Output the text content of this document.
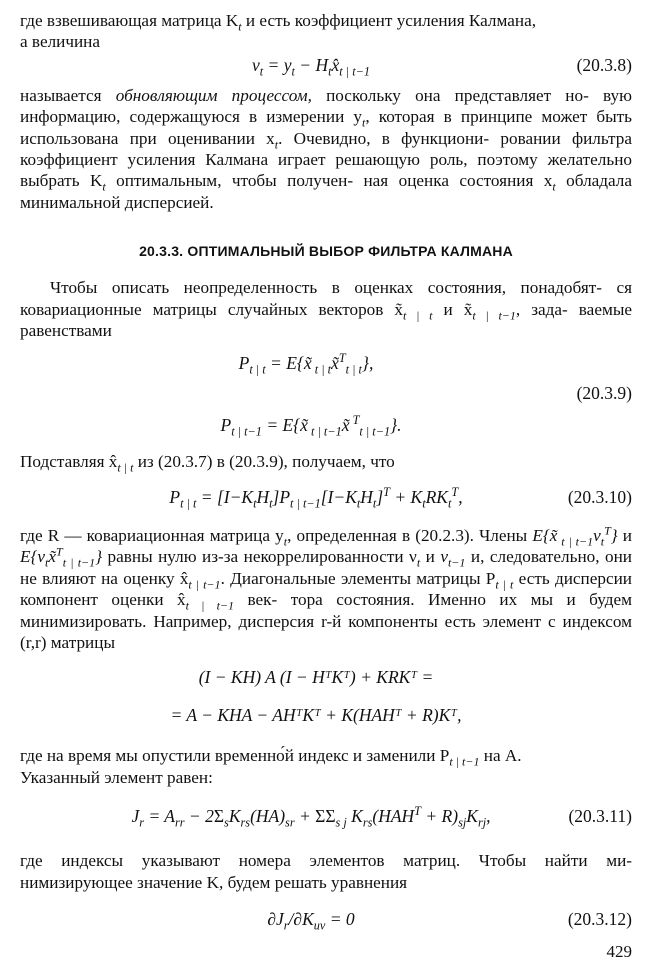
где взвешивающая матрица $K_t$ и есть коэффициент усиления Калмана,
а величина

$\nu_t = y_t$ − $H_tx̂_{t | t-1}$	(20.3.8)

называется обновляющим процессом, поскольку она представляет но- вую информацию, содержащуюся в измерении $y_t$, которая в принципе может быть использована при оценивании $x_t$. Очевидно, в функциони- ровании фильтра коэффициент усиления Калмана играет решающую роль, поэтому желательно выбрать $K_t$ оптимальным, чтобы получен- ная оценка состояния $x_t$ обладала минимальной дисперсией.

20.3.3. ОПТИМАЛЬНЫЙ ВЫБОР ФИЛЬТРА КАЛМАНА

Чтобы описать неопределенность в оценках состояния, понадобят- ся ковариационные матрицы случайных векторов $x̃_{t | t}$ и $x̃_{t | t-1}$, зада- ваемые равенствами

$P_{t | t}$ = E{x̃ $_{t | t}$x̃$^T_{t | t}$},
(20.3.9)
$P_{t | t-1}$ = E{x̃ $_{t | t-1}$x̃ $^T_{t | t-1}$}.

Подставляя $x̂_{t | t}$ из (20.3.7) в (20.3.9), получаем, что

$P_{t | t} = [I-K_tH_t]P_{t | t-1}[I-K_tH_t]^T + K_tRK_t^T$,	(20.3.10)

где R — ковариационная матрица $y_t$, определенная в (20.2.3). Члены E{x̃ $_{t | t-1}\nu_t^T$} и $E\{\nu_tx̃^T_{t | t-1}\}$ равны нулю из-за некоррелированности $\nu_t$ и $\nu_{t-1}$ и, следовательно, они не влияют на оценку $x̂_{t | t-1}$. Диагональные элементы матрицы $P_{t | t}$ есть дисперсии компонент оценки $x̂_{t | t-1}$ век- тора состояния. Именно их мы и будем минимизировать. Например, дисперсия r-й компоненты есть элемент с индексом (r,r) матрицы

(I − KH) A (I − HᵀKᵀ) + KRKᵀ =
= A − KHA − AHᵀKᵀ + K(HAHᵀ + R)Kᵀ,

где на время мы опустили временно́й индекс и заменили $P_{t | t-1}$ на A.
Указанный элемент равен:

$J_r = A_{rr} - 2\Sigma_sK_{rs}(HA)_{sr} + \Sigma\Sigma_{s j}$ $K_{rs}(HAH^T + R)_{sj}K_{rj}$,	(20.3.11)

где индексы указывают номера элементов матриц. Чтобы найти ми- нимизирующее значение K, будем решать уравнения

$\partial J_r/\partial K_{uv} = 0$	(20.3.12)
429
